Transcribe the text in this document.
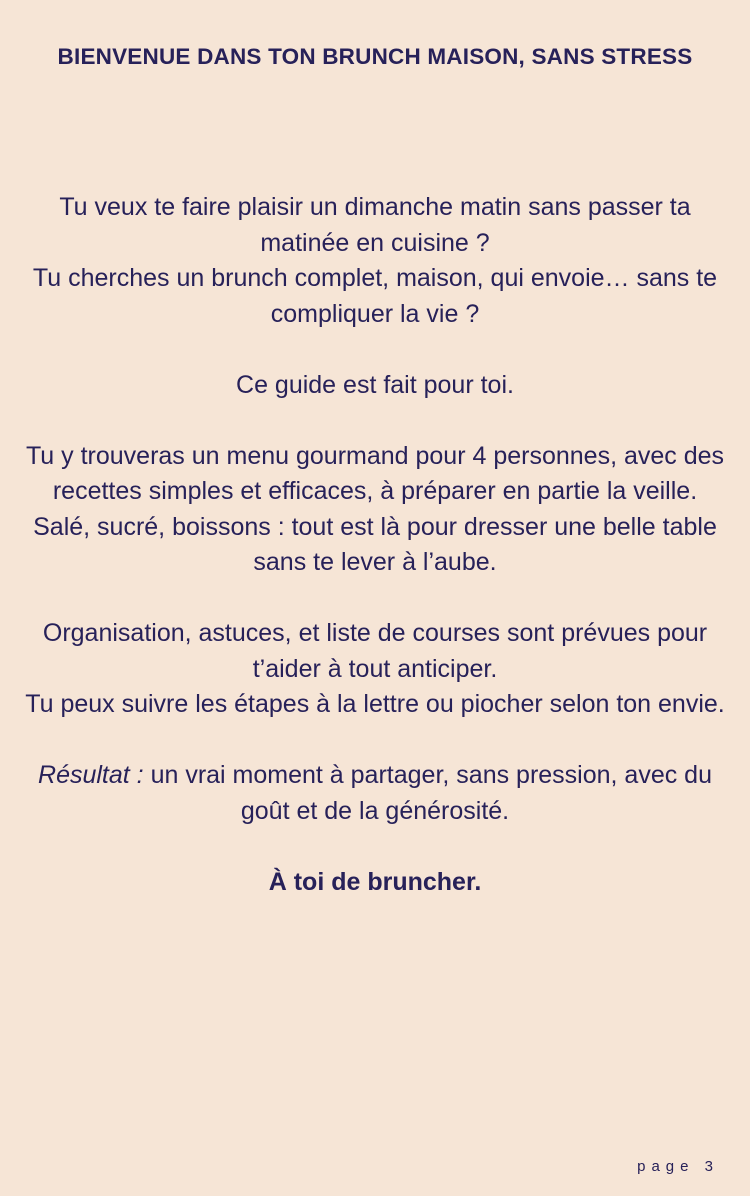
BIENVENUE DANS TON BRUNCH MAISON, SANS STRESS

Tu veux te faire plaisir un dimanche matin sans passer ta matinée en cuisine ?

Tu cherches un brunch complet, maison, qui envoie… sans te compliquer la vie ?

Ce guide est fait pour toi.

Tu y trouveras un menu gourmand pour 4 personnes, avec des recettes simples et efficaces, à préparer en partie la veille.

Salé, sucré, boissons : tout est là pour dresser une belle table sans te lever à l’aube.

Organisation, astuces, et liste de courses sont prévues pour t’aider à tout anticiper.

Tu peux suivre les étapes à la lettre ou piocher selon ton envie.

Résultat : un vrai moment à partager, sans pression, avec du goût et de la générosité.

À toi de bruncher.

page 3
